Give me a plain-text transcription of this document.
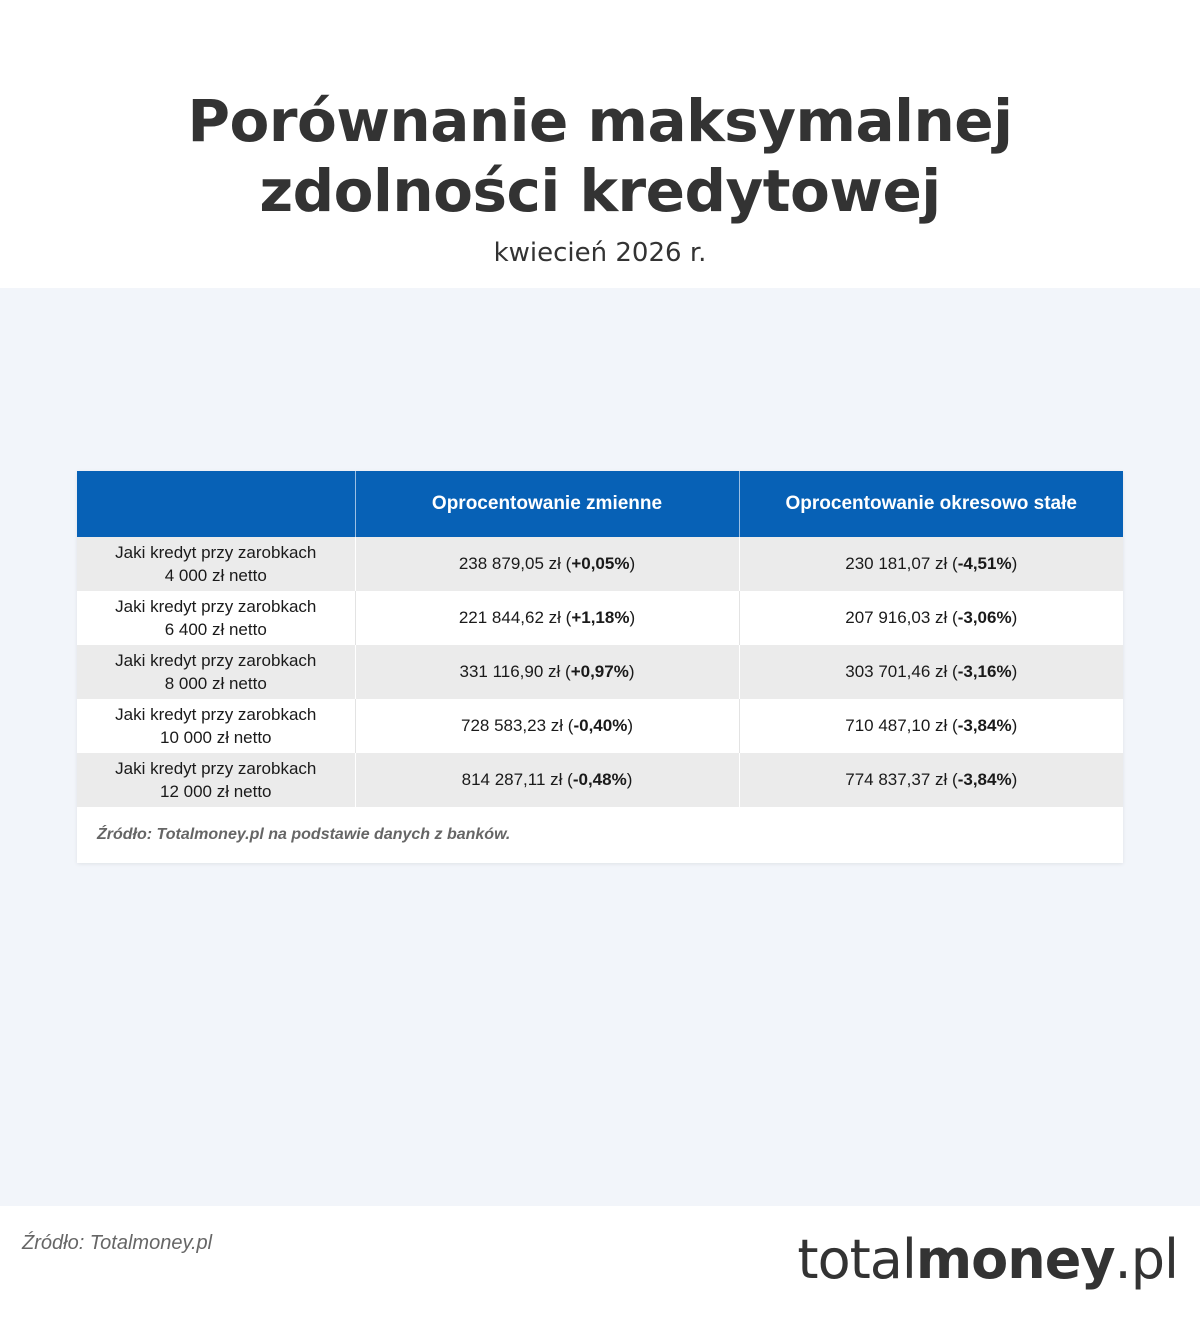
Porównanie maksymalnej
zdolności kredytowej
kwiecień 2026 r.
	Oprocentowanie zmienne	Oprocentowanie okresowo stałe
Jaki kredyt przy zarobkach
4 000 zł netto	238 879,05 zł (+0,05%)	230 181,07 zł (-4,51%)
Jaki kredyt przy zarobkach
6 400 zł netto	221 844,62 zł (+1,18%)	207 916,03 zł (-3,06%)
Jaki kredyt przy zarobkach
8 000 zł netto	331 116,90 zł (+0,97%)	303 701,46 zł (-3,16%)
Jaki kredyt przy zarobkach
10 000 zł netto	728 583,23 zł (-0,40%)	710 487,10 zł (-3,84%)
Jaki kredyt przy zarobkach
12 000 zł netto	814 287,11 zł (-0,48%)	774 837,37 zł (-3,84%)
Źródło: Totalmoney.pl na podstawie danych z banków.
Źródło: Totalmoney.pl	totalmoney.pl
